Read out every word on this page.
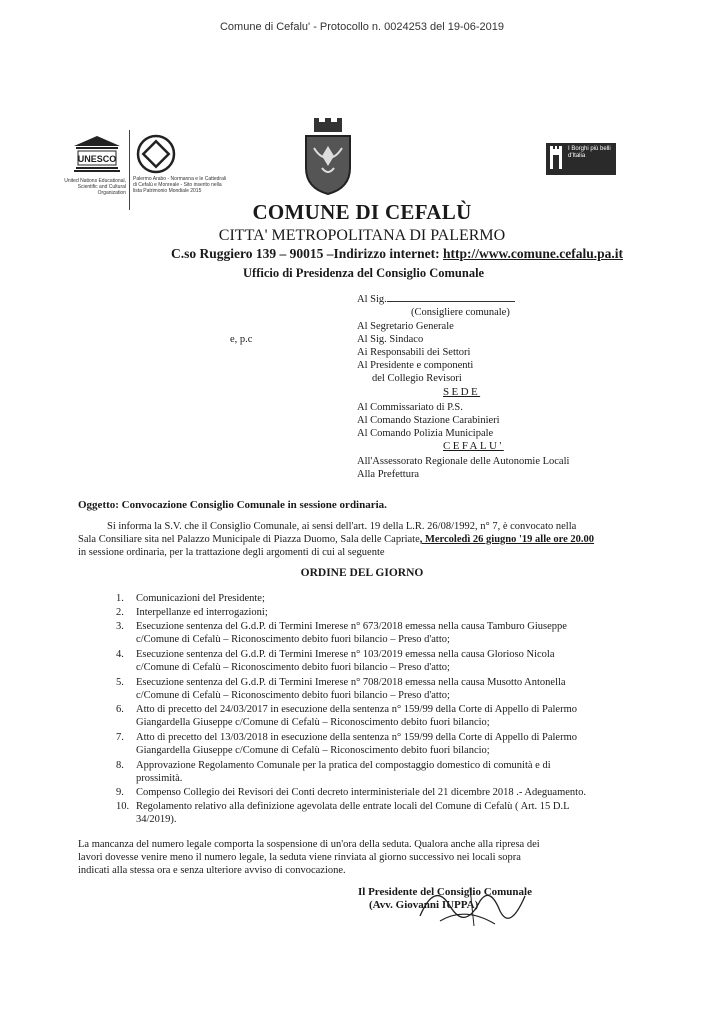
Comune di Cefalu' - Protocollo n. 0024253 del 19-06-2019
UNESCO
United Nations Educational, Scientific and Cultural Organization
Palermo Arabo - Normanna e le Cattedrali di Cefalù e Monreale - Sito inserito nella lista Patrimonio Mondiale 2015
I Borghi più belli d'Italia
COMUNE DI CEFALÙ
CITTA' METROPOLITANA DI PALERMO
C.so Ruggiero 139 – 90015 –Indirizzo internet: http://www.comune.cefalu.pa.it
Ufficio di Presidenza del Consiglio Comunale
Al Sig.
(Consigliere comunale)
e, p.c
Al Segretario Generale
Al Sig. Sindaco
Ai Responsabili dei Settori
Al Presidente e componenti
del Collegio Revisori
SEDE
Al Commissariato di P.S.
Al Comando Stazione Carabinieri
Al Comando Polizia Municipale
CEFALU'
All'Assessorato Regionale delle Autonomie Locali
Alla Prefettura
Oggetto: Convocazione Consiglio Comunale in sessione ordinaria.
Si informa la S.V. che il Consiglio Comunale, ai sensi dell'art. 19 della L.R. 26/08/1992, n° 7, è convocato nella
Sala Consiliare sita nel Palazzo Municipale di Piazza Duomo, Sala delle Capriate, Mercoledì 26 giugno '19 alle ore 20.00
in sessione ordinaria, per la trattazione degli argomenti di cui al seguente
ORDINE DEL GIORNO
1. Comunicazioni del Presidente;
2. Interpellanze ed interrogazioni;
3. Esecuzione sentenza del G.d.P. di Termini Imerese n° 673/2018 emessa nella causa Tamburo Giuseppe
c/Comune di Cefalù – Riconoscimento debito fuori bilancio – Preso d'atto;
4. Esecuzione sentenza del G.d.P. di Termini Imerese n° 103/2019 emessa nella causa Glorioso Nicola
c/Comune di Cefalù – Riconoscimento debito fuori bilancio – Preso d'atto;
5. Esecuzione sentenza del G.d.P. di Termini Imerese n° 708/2018 emessa nella causa Musotto Antonella
c/Comune di Cefalù – Riconoscimento debito fuori bilancio – Preso d'atto;
6. Atto di precetto del 24/03/2017 in esecuzione della sentenza n° 159/99 della Corte di Appello di Palermo
Giangardella Giuseppe c/Comune di Cefalù – Riconoscimento debito fuori bilancio;
7. Atto di precetto del 13/03/2018 in esecuzione della sentenza n° 159/99 della Corte di Appello di Palermo
Giangardella Giuseppe c/Comune di Cefalù – Riconoscimento debito fuori bilancio;
8. Approvazione Regolamento Comunale per la pratica del compostaggio domestico di comunità e di
prossimità.
9. Compenso Collegio dei Revisori dei Conti decreto interministeriale del 21 dicembre 2018 .- Adeguamento.
10. Regolamento relativo alla definizione agevolata delle entrate locali del Comune di Cefalù ( Art. 15 D.L
34/2019).
La mancanza del numero legale comporta la sospensione di un'ora della seduta. Qualora anche alla ripresa dei
lavori dovesse venire meno il numero legale, la seduta viene rinviata al giorno successivo nei locali sopra
indicati alla stessa ora e senza ulteriore avviso di convocazione.
Il Presidente del Consiglio Comunale
(Avv. Giovanni IUPPA)
